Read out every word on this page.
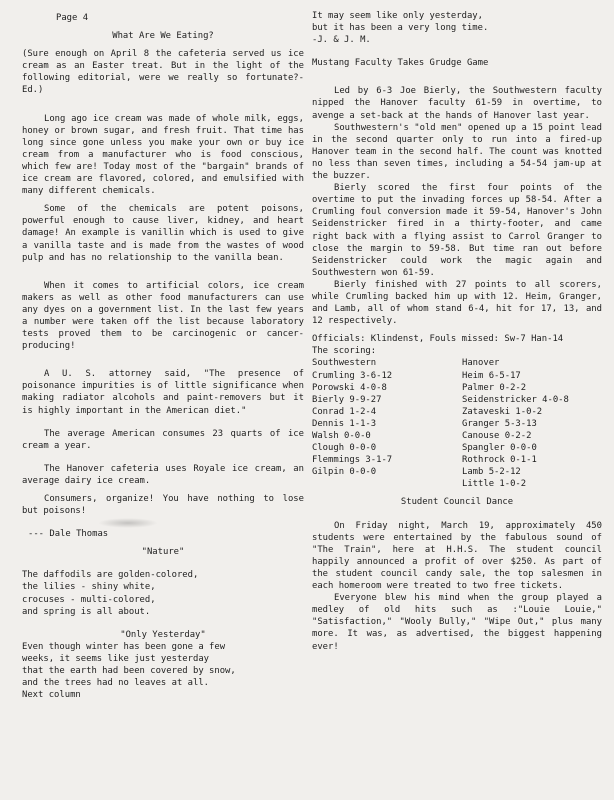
Page 4

What Are We Eating?

(Sure enough on April 8 the cafeteria served us ice cream as an Easter treat. But in the light of the following editorial, were we really so fortunate?-Ed.)

Long ago ice cream was made of whole milk, eggs, honey or brown sugar, and fresh fruit. That time has long since gone unless you make your own or buy ice cream from a manufacturer who is food conscious, which few are! Today most of the "bargain" brands of ice cream are flavored, colored, and emulsified with many different chemicals.

Some of the chemicals are potent poisons, powerful enough to cause liver, kidney, and heart damage! An example is vanillin which is used to give a vanilla taste and is made from the wastes of wood pulp and has no relationship to the vanilla bean.

When it comes to artificial colors, ice cream makers as well as other food manufacturers can use any dyes on a government list. In the last few years a number were taken off the list because laboratory tests proved them to be carcinogenic or cancer-producing!

A U. S. attorney said, "The presence of poisonance impurities is of little significance when making radiator alcohols and paint-removers but it is highly important in the American diet."

The average American consumes 23 quarts of ice cream a year.

The Hanover cafeteria uses Royale ice cream, an average dairy ice cream.

Consumers, organize! You have nothing to lose but poisons!

--- Dale Thomas

"Nature"

The daffodils are golden-colored,

the lilies - shiny white,

crocuses - multi-colored,

and spring is all about.

"Only Yesterday"

Even though winter has been gone a few

weeks, it seems like just yesterday

that the earth had been covered by snow,

and the trees had no leaves at all.

Next column

It may seem like only yesterday,

but it has been a very long time.

-J. & J. M.

Mustang Faculty Takes Grudge Game

Led by 6-3 Joe Bierly, the Southwestern faculty nipped the Hanover faculty 61-59 in overtime, to avenge a set-back at the hands of Hanover last year.

Southwestern's "old men" opened up a 15 point lead in the second quarter only to run into a fired-up Hanover team in the second half. The count was knotted no less than seven times, including a 54-54 jam-up at the buzzer.

Bierly scored the first four points of the overtime to put the invading forces up 58-54. After a Crumling foul conversion made it 59-54, Hanover's John Seidenstricker fired in a thirty-footer, and came right back with a flying assist to Carrol Granger to close the margin to 59-58. But time ran out before Seidenstricker could work the magic again and Southwestern won 61-59.

Bierly finished with 27 points to all scorers, while Crumling backed him up with 12. Heim, Granger, and Lamb, all of whom stand 6-4, hit for 17, 13, and 12 respectively.

Officials: Klindenst, Fouls missed: Sw-7 Han-14

The scoring:

Southwestern	Hanover
Crumling 3-6-12	Heim 6-5-17
Porowski 4-0-8	Palmer 0-2-2
Bierly 9-9-27	Seidenstricker 4-0-8
Conrad 1-2-4	Zataveski 1-0-2
Dennis 1-1-3	Granger 5-3-13
Walsh 0-0-0	Canouse 0-2-2
Clough 0-0-0	Spangler 0-0-0
Flemmings 3-1-7	Rothrock 0-1-1
Gilpin 0-0-0	Lamb 5-2-12
Little 1-0-2

Student Council Dance

On Friday night, March 19, approximately 450 students were entertained by the fabulous sound of "The Train", here at H.H.S. The student council happily announced a profit of over $250. As part of the student council candy sale, the top salesmen in each homeroom were treated to two free tickets.

Everyone blew his mind when the group played a medley of old hits such as :"Louie Louie," "Satisfaction," "Wooly Bully," "Wipe Out," plus many more. It was, as advertised, the biggest happening ever!
